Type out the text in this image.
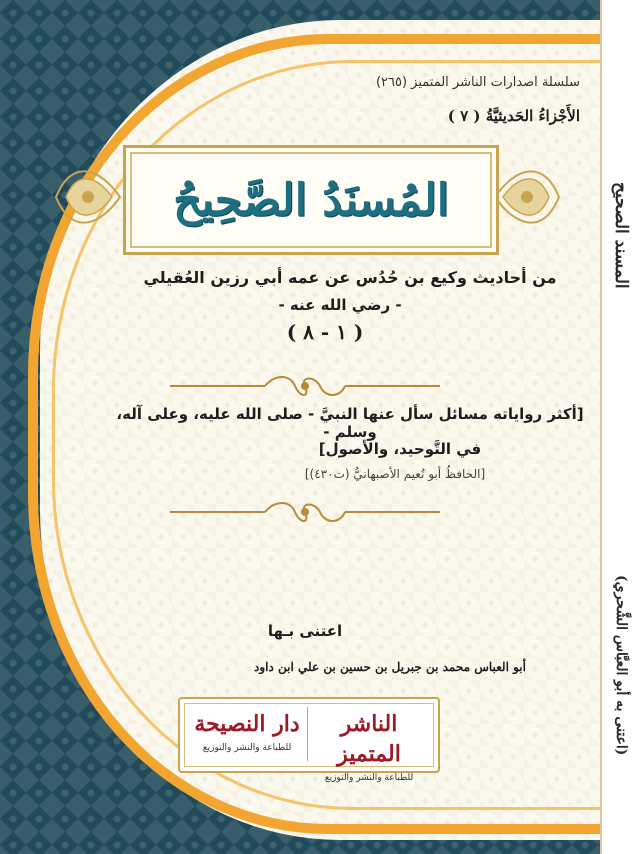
سلسلة اصدارات الناشر المتميز (٢٦٥)
الأَجْزاءُ الحَديثيَّةُ ( ٧ )
المُسنَدُ الصَّحِيحُ
من أحاديث وكيع بن حُدُس عن عمه أبي رزين العُقيلي
- رضي الله عنه -
( ١ - ٨ )
[أكثر رواياته مسائل سأل عنها النبيَّ - صلى الله عليه، وعلى آله، وسلم -
في التَّوحيد، والأصول]
[الحافظُ أبو نُعيم الأصبهانيُّ (ت٤٣٠)]
اعتنى بـها
أبو العباس محمد بن جبريل بن حسين بن علي ابن داود
دار النصيحة
للطباعة والنشر والتوزيع
الناشر المتميز
للطباعة والنشر والتوزيع
المسند الصحيح
(اعتنى به أبو العبَّاس الشَّحري)
